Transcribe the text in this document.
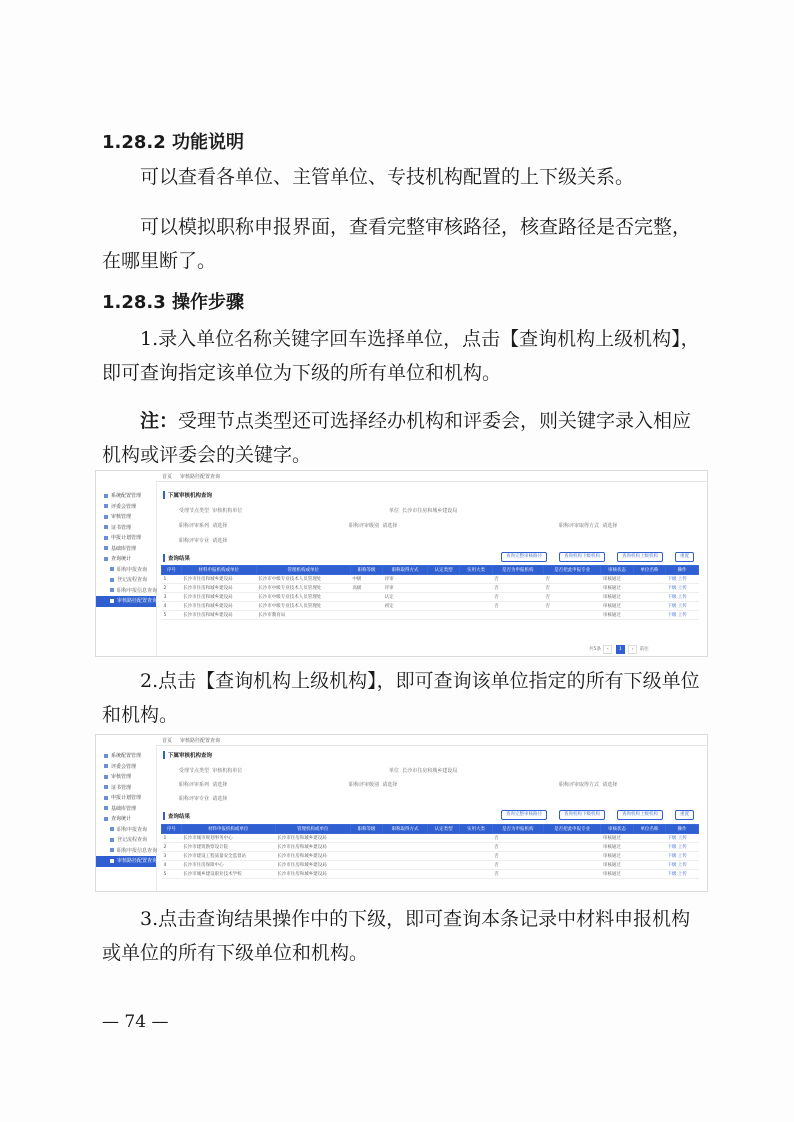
1.28.2 功能说明
可以查看各单位、主管单位、专技机构配置的上下级关系。
可以模拟职称申报界面，查看完整审核路径，核查路径是否完整，在哪里断了。
1.28.3 操作步骤
1.录入单位名称关键字回车选择单位，点击【查询机构上级机构】，即可查询指定该单位为下级的所有单位和机构。
注：受理节点类型还可选择经办机构和评委会，则关键字录入相应机构或评委会的关键字。
首页 审核路径配置查询
系统配置管理
评委会管理
审核管理
证书管理
申报计划管理
基础库管理
查询统计
职称申报查询
登记流程查询
职称申报信息查询
审核路径配置查询
下属审核机构查询
受理节点类型 审核机构单位	单位 长沙市住房和城乡建设局
职称评审系列 请选择	职称评审级别 请选择	职称评审取得方式 请选择
职称评审专业 请选择
查询结果	查询完整审核路径	查询机构下级机构	查询机构上级机构	重置
序号	材料申报机构或单位	管理机构或单位	职称等级	职称取得方式	认定类型	实用大类	是否为申报机构	是否把此申报专业	审核状态	单位名称	操作
1	长沙市住房和城乡建设局	长沙市中级专业技术人员管理处	中级	评审			否	否	审核通过		下级 上传
2	长沙市住房和城乡建设局	长沙市中级专业技术人员管理处	高级	评审			否	否	审核通过		下级 上传
3	长沙市住房和城乡建设局	长沙市中级专业技术人员管理处		认定			否	否	审核通过		下级 上传
4	长沙市住房和城乡建设局	长沙市中级专业技术人员管理处		初定			否	否	审核通过		下级 上传
5	长沙市住房和城乡建设局	长沙市教育局							审核通过		下级 上传
共5条 ‹ 1 › 前往
2.点击【查询机构上级机构】，即可查询该单位指定的所有下级单位和机构。
首页 审核路径配置查询
系统配置管理
评委会管理
审核管理
证书管理
申报计划管理
基础库管理
查询统计
职称申报查询
登记流程查询
职称申报信息查询
审核路径配置查询
下属审核机构查询
受理节点类型 审核机构单位	单位 长沙市住房和城乡建设局
职称评审系列 请选择	职称评审级别 请选择	职称评审取得方式 请选择
职称评审专业 请选择
查询结果	查询完整审核路径	查询机构下级机构	查询机构上级机构	重置
序号	材料申报机构或单位	管理机构或单位	职称等级	职称取得方式	认定类型	实用大类	是否为申报机构	是否把此申报专业	审核状态	单位名称	操作
1	长沙市城市规划事务中心	长沙市住房和城乡建设局					否		审核通过		下级 上传
2	长沙市建筑勘察设计院	长沙市住房和城乡建设局					否		审核通过		下级 上传
3	长沙市建设工程质量安全监督站	长沙市住房和城乡建设局					否		审核通过		下级 上传
4	长沙市住房保障中心	长沙市住房和城乡建设局					否		审核通过		下级 上传
5	长沙市城乡建设职业技术学校	长沙市住房和城乡建设局					否		审核通过		下级 上传
3.点击查询结果操作中的下级，即可查询本条记录中材料申报机构或单位的所有下级单位和机构。
— 74 —
